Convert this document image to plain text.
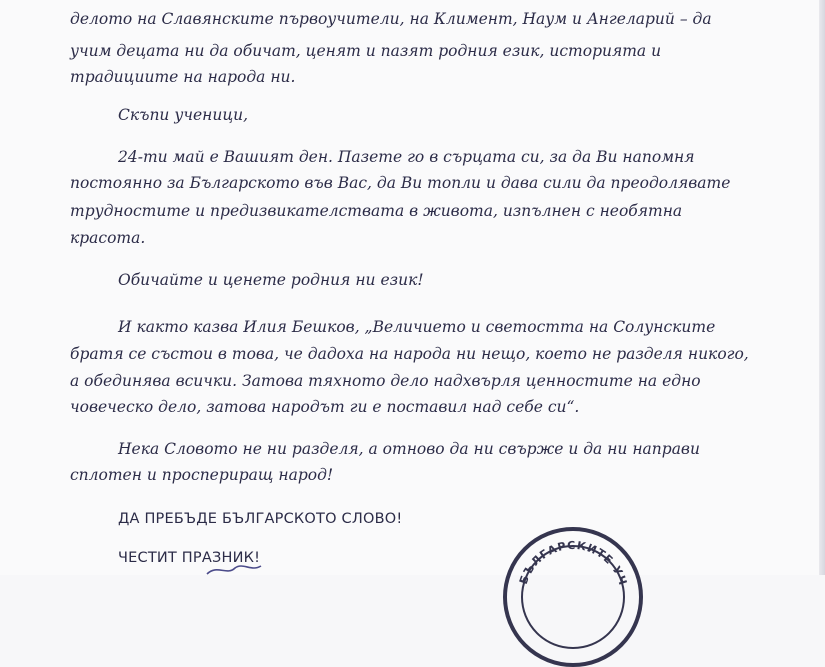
делото на Славянските първоучители, на Климент, Наум и Ангеларий – да
учим децата ни да обичат, ценят и пазят родния език, историята и
традициите на народа ни.
Скъпи ученици,
24-ти май е Вашият ден. Пазете го в сърцата си, за да Ви напомня
постоянно за Българското във Вас, да Ви топли и дава сили да преодолявате
трудностите и предизвикателствата в живота, изпълнен с необятна
красота.
Обичайте и ценете родния ни език!
И както казва Илия Бешков, „Величието и светостта на Солунските
братя се състои в това, че дадоха на народа ни нещо, което не разделя никого,
а обединява всички. Затова тяхното дело надхвърля ценностите на едно
човеческо дело, затова народът ги е поставил над себе си“.
Нека Словото не ни разделя, а отново да ни свърже и да ни направи
сплотен и проспериращ народ!
ДА ПРЕБЪДЕ БЪЛГАРСКОТО СЛОВО!
ЧЕСТИТ ПРАЗНИК!
БЪЛГАРСКИТЕ УЧ
